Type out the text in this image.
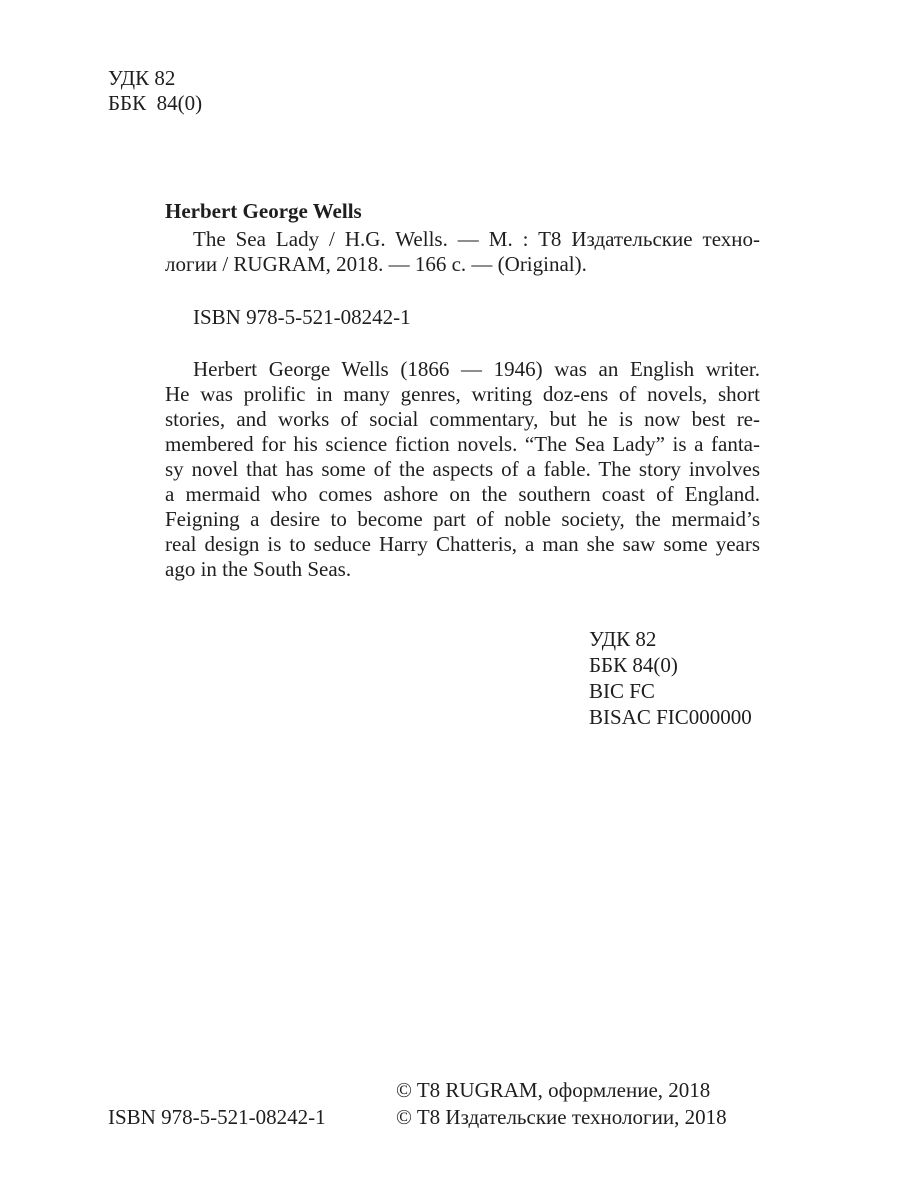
УДК 82
ББК  84(0)
Herbert George Wells
The Sea Lady / H.G. Wells. — M. : T8 Издательские техно-
логии / RUGRAM, 2018. — 166 с. — (Original).
ISBN 978-5-521-08242-1
Herbert George Wells (1866 — 1946) was an English writer.
He was prolific in many genres, writing doz-ens of novels, short
stories, and works of social commentary, but he is now best re-
membered for his science fiction novels. “The Sea Lady” is a fanta-
sy novel that has some of the aspects of a fable. The story involves
a mermaid who comes ashore on the southern coast of England.
Feigning a desire to become part of noble society, the mermaid’s
real design is to seduce Harry Chatteris, a man she saw some years
ago in the South Seas.
УДК 82
ББК 84(0)
BIC FC
BISAC FIC000000
© T8 RUGRAM, оформление, 2018
© T8 Издательские технологии, 2018
ISBN 978-5-521-08242-1
